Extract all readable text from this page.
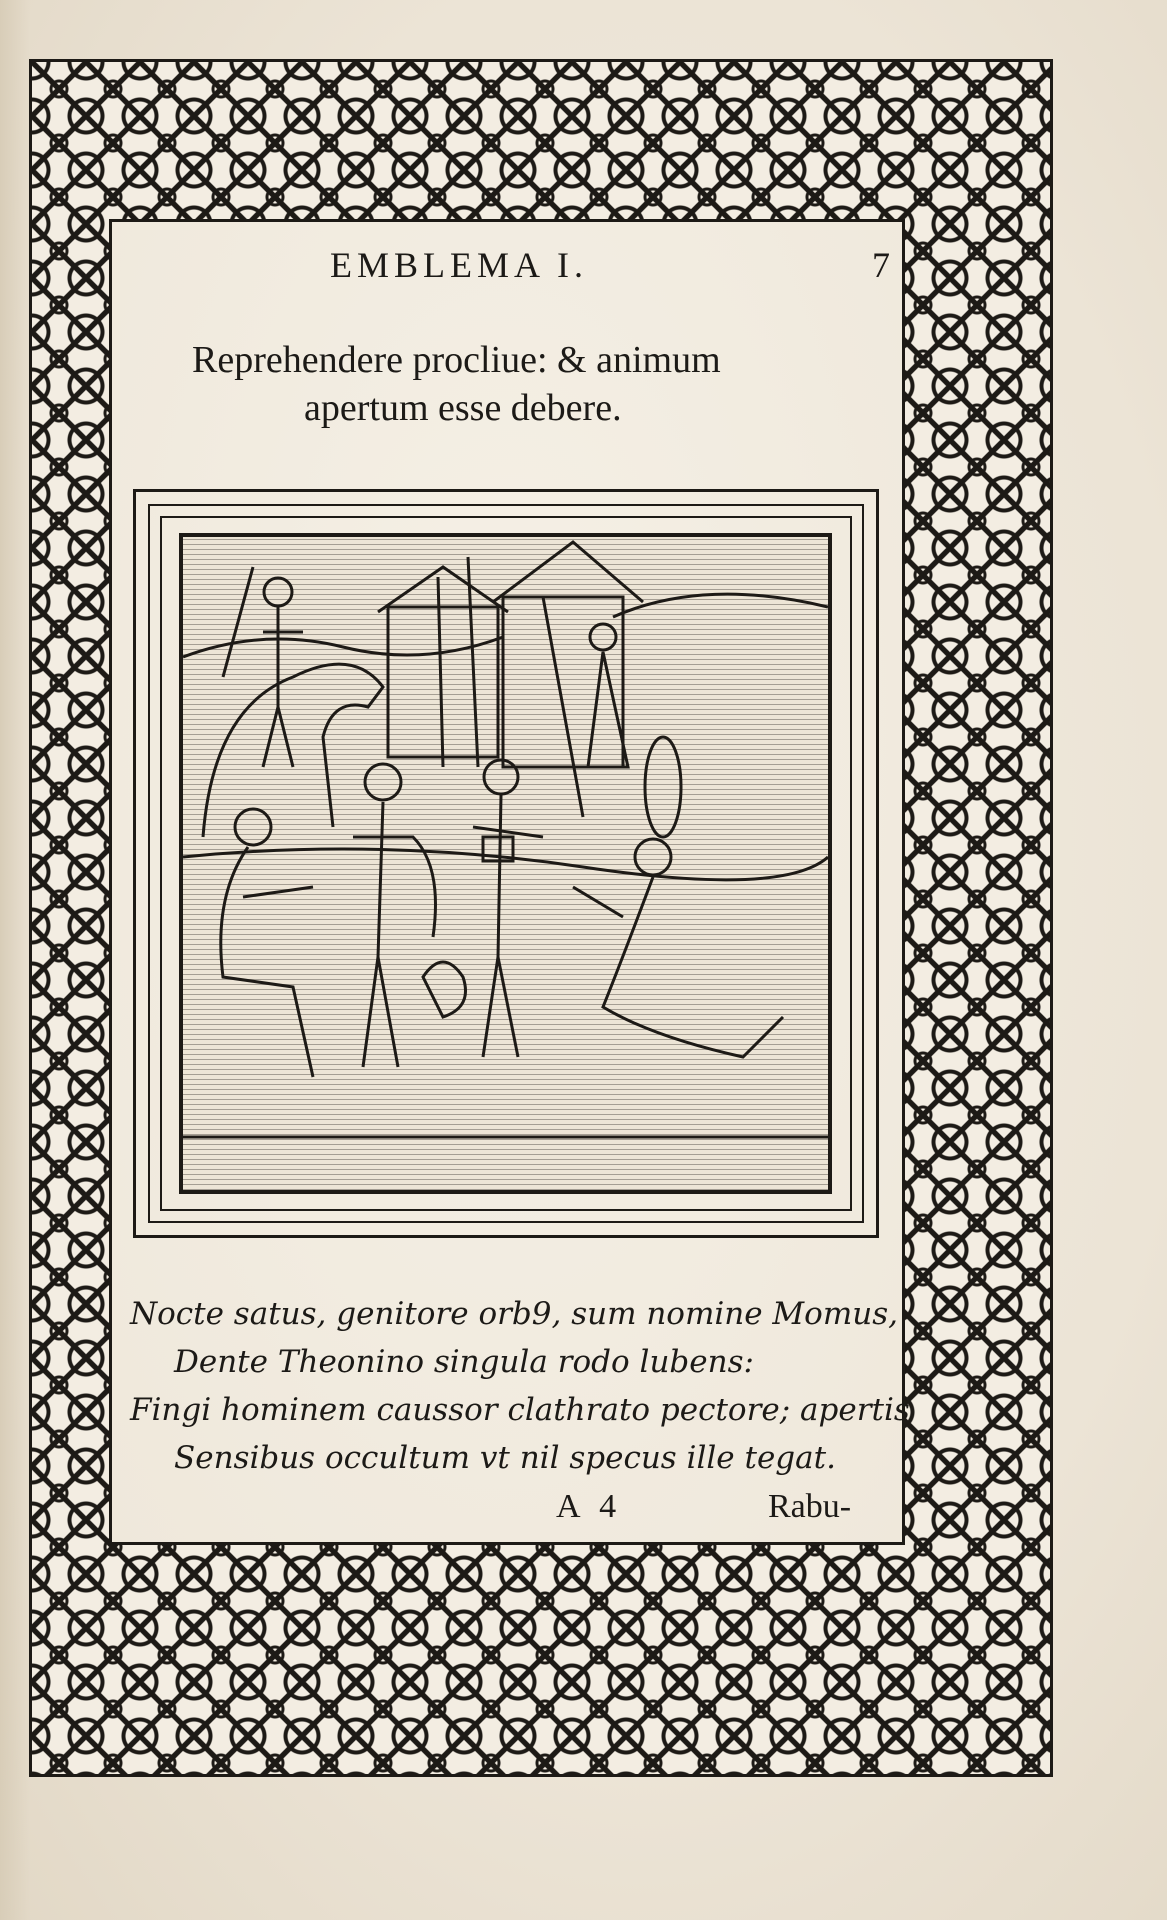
EMBLEMA I.	7
Reprehendere procliue: & animum
apertum esse debere.
Nocte satus, genitore orb9, sum nomine Momus,
Dente Theonino singula rodo lubens:
Fingi hominem caussor clathrato pectore; apertis
Sensibus occultum vt nil specus ille tegat.
A 4	Rabu-
